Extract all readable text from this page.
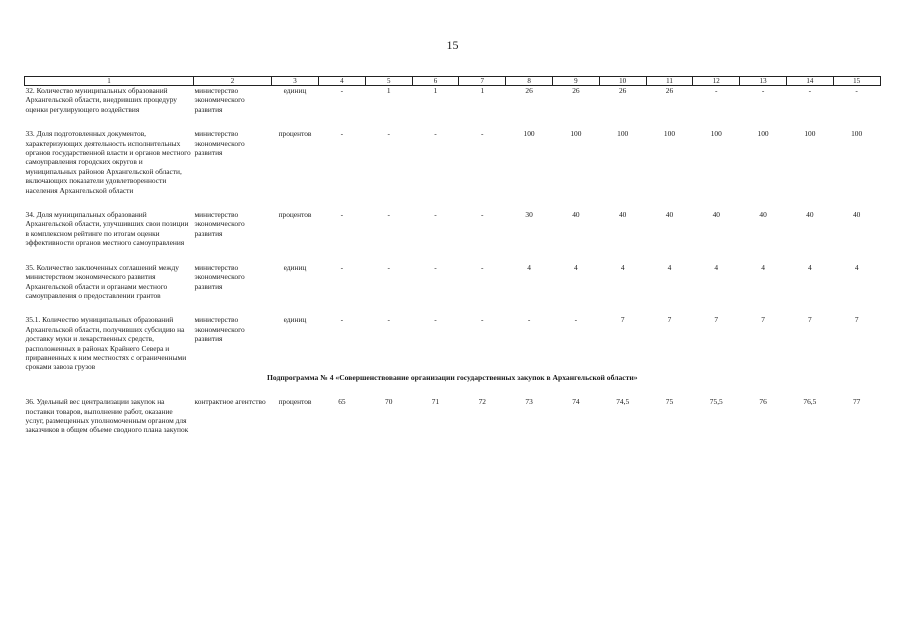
15
1	2	3	4	5	6	7	8	9	10	11	12	13	14	15
32. Количество муниципальных образований Архангельской области, внедривших процедуру оценки регулирующего воздействия	министерство экономического развития	единиц	-	1	1	1	26	26	26	26	-	-	-	-
33. Доля подготовленных документов, характеризующих деятельность исполнительных органов государственной власти и органов местного самоуправления городских округов и муниципальных районов Архангельской области, включающих показатели удовлетворенности населения Архангельской области	министерство экономического развития	процентов	-	-	-	-	100	100	100	100	100	100	100	100
34. Доля муниципальных образований Архангельской области, улучшивших свои позиции в комплексном рейтинге по итогам оценки эффективности органов местного самоуправления	министерство экономического развития	процентов	-	-	-	-	30	40	40	40	40	40	40	40
35. Количество заключенных соглашений между министерством экономического развития Архангельской области и органами местного самоуправления о предоставлении грантов	министерство экономического развития	единиц	-	-	-	-	4	4	4	4	4	4	4	4
35.1. Количество муниципальных образований Архангельской области, получивших субсидию на доставку муки и лекарственных средств, расположенных в районах Крайнего Севера и приравненных к ним местностях с ограниченными сроками завоза грузов	министерство экономического развития	единиц	-	-	-	-	-	-	7	7	7	7	7	7
Подпрограмма № 4 «Совершенствование организации государственных закупок в Архангельской области»														
36. Удельный вес централизации закупок на поставки товаров, выполнение работ, оказание услуг, размещенных уполномоченным органом для заказчиков в общем объеме сводного плана закупок	контрактное агентство	процентов	65	70	71	72	73	74	74,5	75	75,5	76	76,5	77
